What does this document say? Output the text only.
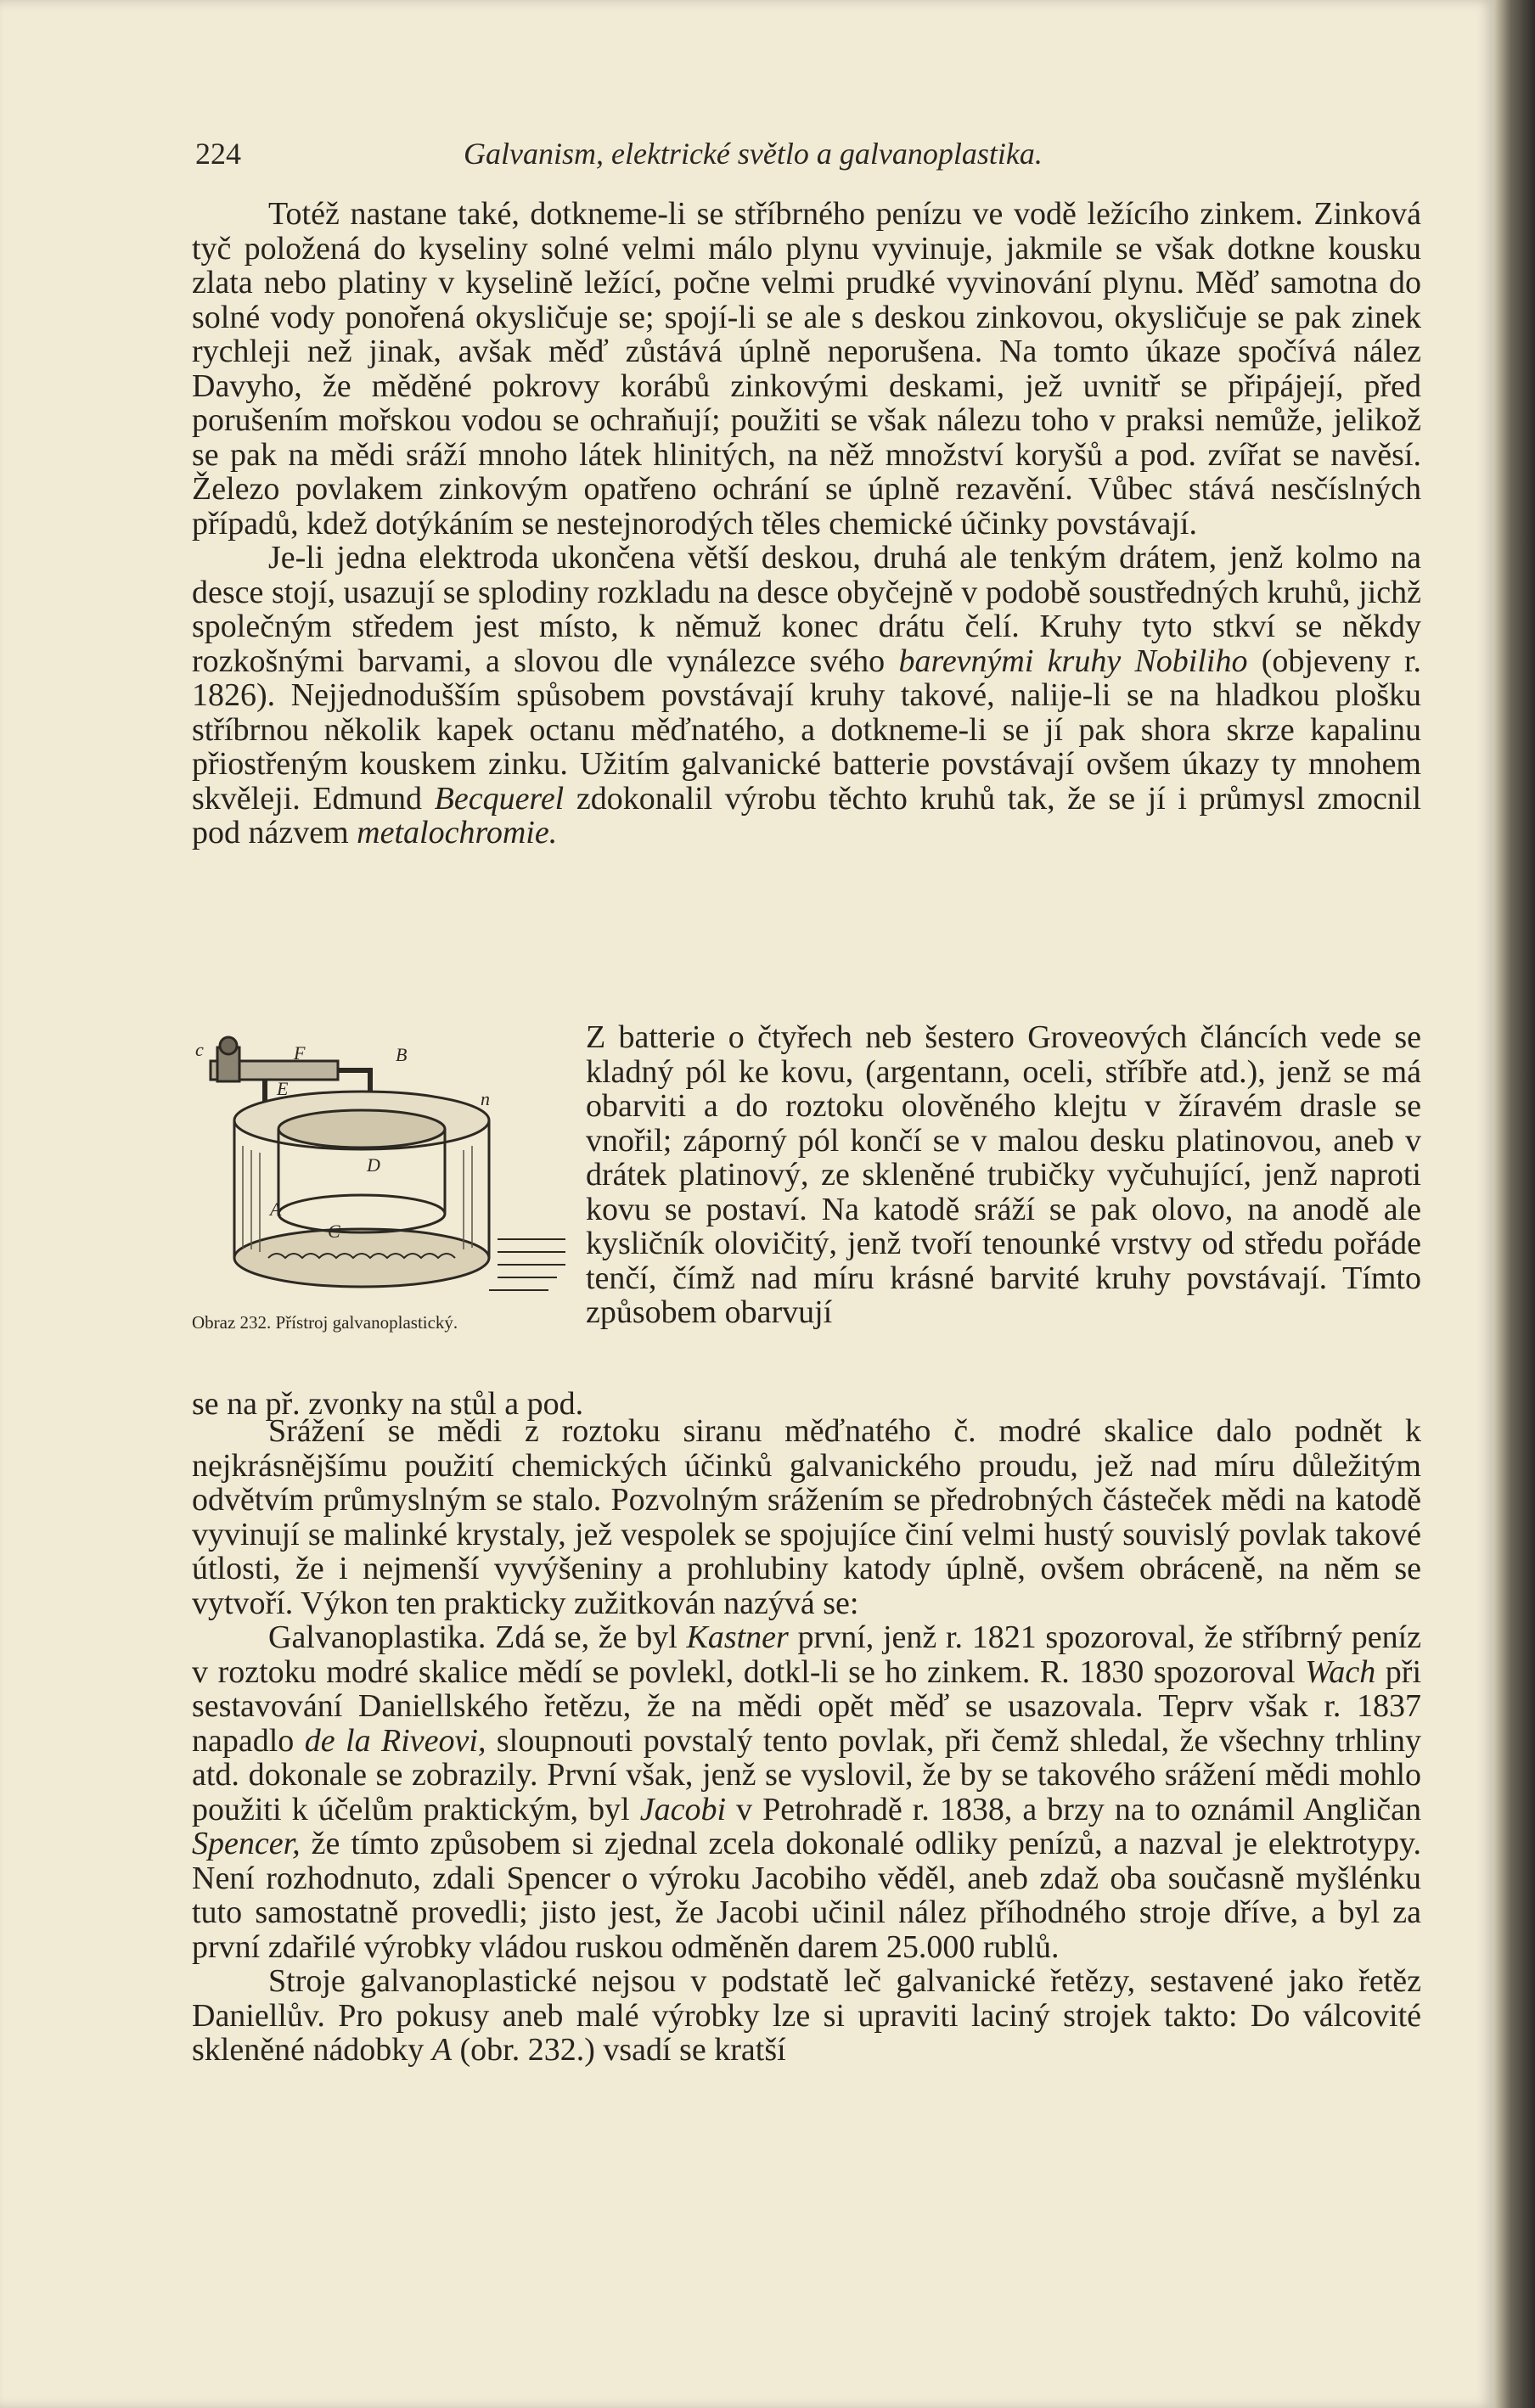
224	Galvanism, elektrické světlo a galvanoplastika.

Totéž nastane také, dotkneme-li se stříbrného penízu ve vodě ležícího zinkem. Zinková tyč položená do kyseliny solné velmi málo plynu vyvinuje, jakmile se však dotkne kousku zlata nebo platiny v kyselině ležící, počne velmi prudké vyvinování plynu. Měď samotna do solné vody ponořená okysličuje se; spojí-li se ale s deskou zinkovou, okysličuje se pak zinek rychleji než jinak, avšak měď zůstává úplně neporušena. Na tomto úkaze spočívá nález Davyho, že měděné pokrovy korábů zinkovými deskami, jež uvnitř se připájejí, před porušením mořskou vodou se ochraňují; použiti se však nálezu toho v praksi nemůže, jelikož se pak na mědi sráží mnoho látek hlinitých, na něž množství koryšů a pod. zvířat se navěsí. Železo povlakem zinkovým opatřeno ochrání se úplně rezavění. Vůbec stává nesčíslných případů, kdež dotýkáním se nestejnorodých těles chemické účinky povstávají.

Je-li jedna elektroda ukončena větší deskou, druhá ale tenkým drátem, jenž kolmo na desce stojí, usazují se splodiny rozkladu na desce obyčejně v podobě soustředných kruhů, jichž společným středem jest místo, k němuž konec drátu čelí. Kruhy tyto stkví se někdy rozkošnými barvami, a slovou dle vynálezce svého barevnými kruhy Nobiliho (objeveny r. 1826). Nejjednodušším spůsobem povstávají kruhy takové, nalije-li se na hladkou plošku stříbrnou několik kapek octanu měďnatého, a dotkneme-li se jí pak shora skrze kapalinu přiostřeným kouskem zinku. Užitím galvanické batterie povstávají ovšem úkazy ty mnohem skvěleji. Edmund Becquerel zdokonalil výrobu těchto kruhů tak, že se jí i průmysl zmocnil pod názvem metalochromie.

c	F	B
E
D
A
C
n
Obraz 232. Přístroj galvanoplastický.

Z batterie o čtyřech neb šestero Groveových článcích vede se kladný pól ke kovu, (argentann, oceli, stříbře atd.), jenž se má obarviti a do roztoku olověného klejtu v žíravém drasle se vnořil; záporný pól končí se v malou desku platinovou, aneb v drátek platinový, ze skleněné trubičky vyčuhující, jenž naproti kovu se postaví. Na katodě sráží se pak olovo, na anodě ale kysličník olovičitý, jenž tvoří tenounké vrstvy od středu pořáde tenčí, čímž nad míru krásné barvité kruhy povstávají. Tímto způsobem obarvují

se na př. zvonky na stůl a pod.

Srážení se mědi z roztoku siranu měďnatého č. modré skalice dalo podnět k nejkrásnějšímu použití chemických účinků galvanického proudu, jež nad míru důležitým odvětvím průmyslným se stalo. Pozvolným srážením se předrobných částeček mědi na katodě vyvinují se malinké krystaly, jež vespolek se spojujíce činí velmi hustý souvislý povlak takové útlosti, že i nejmenší vyvýšeniny a prohlubiny katody úplně, ovšem obráceně, na něm se vytvoří. Výkon ten prakticky zužitkován nazývá se:

Galvanoplastika. Zdá se, že byl Kastner první, jenž r. 1821 spozoroval, že stříbrný peníz v roztoku modré skalice mědí se povlekl, dotkl-li se ho zinkem. R. 1830 spozoroval Wach při sestavování Daniellského řetězu, že na mědi opět měď se usazovala. Teprv však r. 1837 napadlo de la Riveovi, sloupnouti povstalý tento povlak, při čemž shledal, že všechny trhliny atd. dokonale se zobrazily. První však, jenž se vyslovil, že by se takového srážení mědi mohlo použiti k účelům praktickým, byl Jacobi v Petrohradě r. 1838, a brzy na to oznámil Angličan Spencer, že tímto způsobem si zjednal zcela dokonalé odliky penízů, a nazval je elektrotypy. Není rozhodnuto, zdali Spencer o výroku Jacobiho věděl, aneb zdaž oba současně myšlénku tuto samostatně provedli; jisto jest, že Jacobi učinil nález příhodného stroje dříve, a byl za první zdařilé výrobky vládou ruskou odměněn darem 25.000 rublů.

Stroje galvanoplastické nejsou v podstatě leč galvanické řetězy, sestavené jako řetěz Daniellův. Pro pokusy aneb malé výrobky lze si upraviti laciný strojek takto: Do válcovité skleněné nádobky A (obr. 232.) vsadí se kratší
